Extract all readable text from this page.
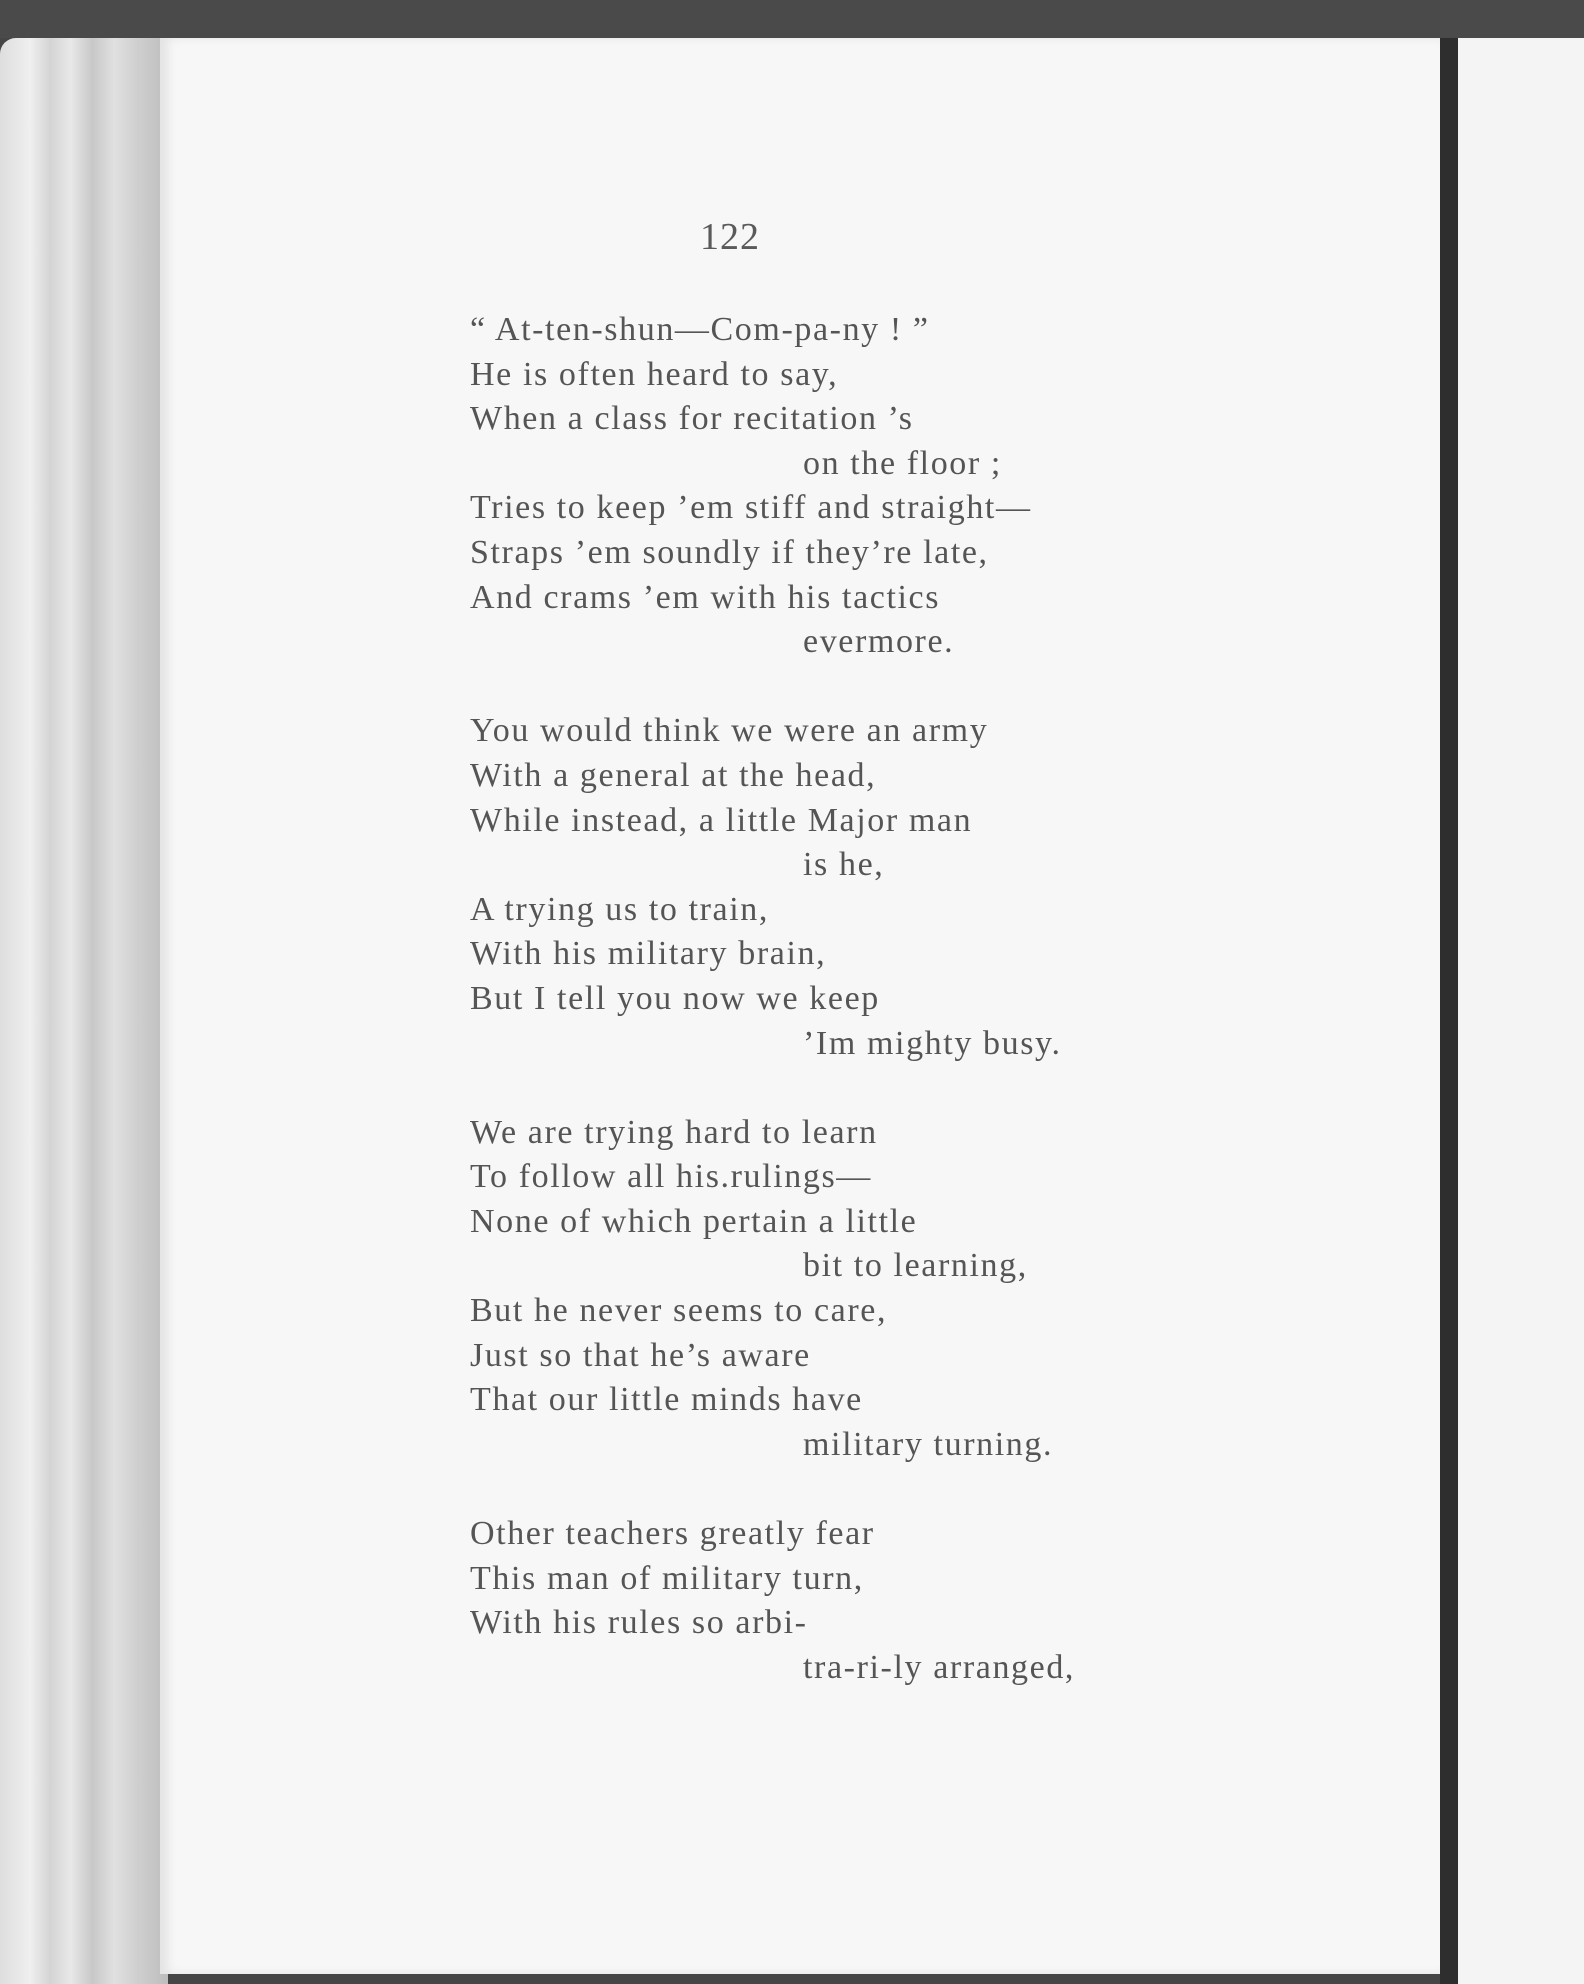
122
“ At-ten-shun—Com-pa-ny ! ”
He is often heard to say,
When a class for recitation ’s
on the floor ;
Tries to keep ’em stiff and straight—
Straps ’em soundly if they’re late,
And crams ’em with his tactics
evermore.
You would think we were an army
With a general at the head,
While instead, a little Major man
is he,
A trying us to train,
With his military brain,
But I tell you now we keep
’Im mighty busy.
We are trying hard to learn
To follow all his.rulings—
None of which pertain a little
bit to learning,
But he never seems to care,
Just so that he’s aware
That our little minds have
military turning.
Other teachers greatly fear
This man of military turn,
With his rules so arbi-
tra-ri-ly arranged,
